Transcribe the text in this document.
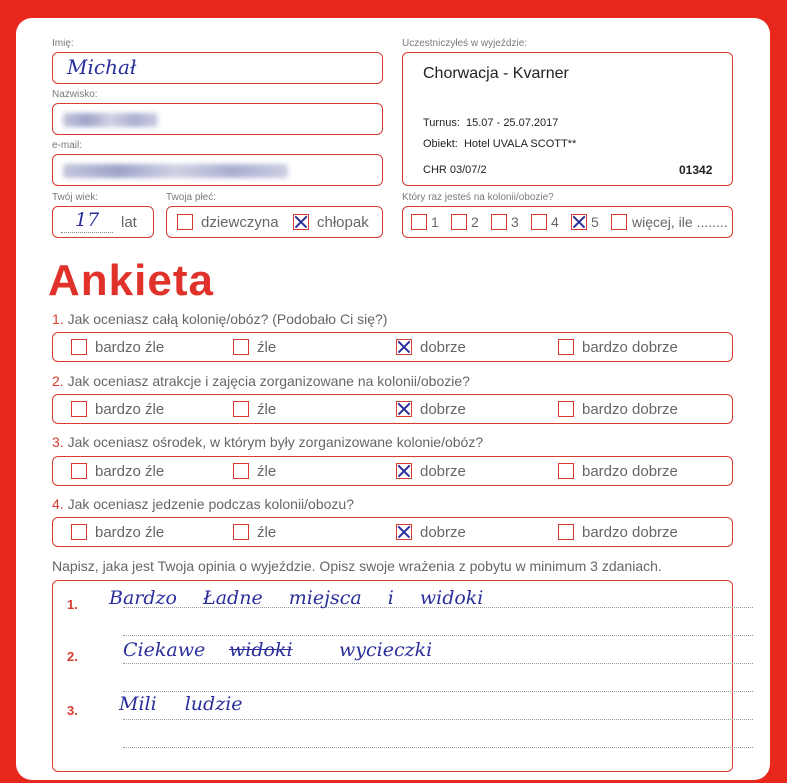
Imię:
Michał
Nazwisko:
e-mail:
Twój wiek:
17 lat
Twoja płeć:
dziewczyna	chłopak
Uczestniczyłeś w wyjeździe:
Chorwacja - Kvarner
Turnus: 15.07 - 25.07.2017
Obiekt: Hotel UVALA SCOTT**
CHR 03/07/2	01342
Który raz jesteś na kolonii/obozie?
1 2 3 4 5 więcej, ile ........
Ankieta
1. Jak oceniasz całą kolonię/obóz? (Podobało Ci się?)
bardzo źle	źle	dobrze	bardzo dobrze
2. Jak oceniasz atrakcje i zajęcia zorganizowane na kolonii/obozie?
bardzo źle	źle	dobrze	bardzo dobrze
3. Jak oceniasz ośrodek, w którym były zorganizowane kolonie/obóz?
bardzo źle	źle	dobrze	bardzo dobrze
4. Jak oceniasz jedzenie podczas kolonii/obozu?
bardzo źle	źle	dobrze	bardzo dobrze
Napisz, jaka jest Twoja opinia o wyjeździe. Opisz swoje wrażenia z pobytu w minimum 3 zdaniach.
1. Bardzo Ładne miejsca i widoki
2. Ciekawe widoki wycieczki
3. Mili ludzie
